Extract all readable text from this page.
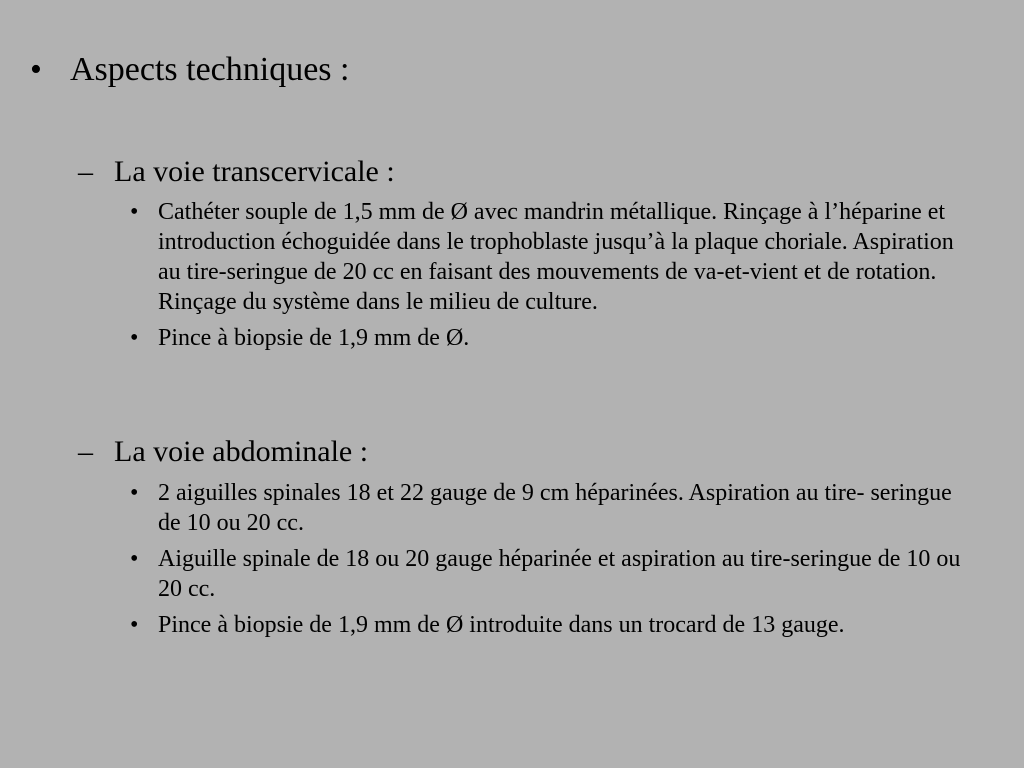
• Aspects techniques :
– La voie transcervicale :
• Cathéter souple de 1,5 mm de Ø avec mandrin métallique. Rinçage à l’héparine et introduction échoguidée dans le trophoblaste jusqu’à la plaque choriale. Aspiration au tire-seringue de 20 cc en faisant des mouvements de va-et-vient et de rotation. Rinçage du système dans le milieu de culture.
• Pince à biopsie de 1,9 mm de Ø.
– La voie abdominale :
• 2 aiguilles spinales 18 et 22 gauge de 9 cm héparinées. Aspiration au tire- seringue de 10 ou 20 cc.
• Aiguille spinale de 18 ou 20 gauge héparinée et aspiration au tire-seringue de 10 ou 20 cc.
• Pince à biopsie de 1,9 mm de Ø introduite dans un trocard de 13 gauge.
